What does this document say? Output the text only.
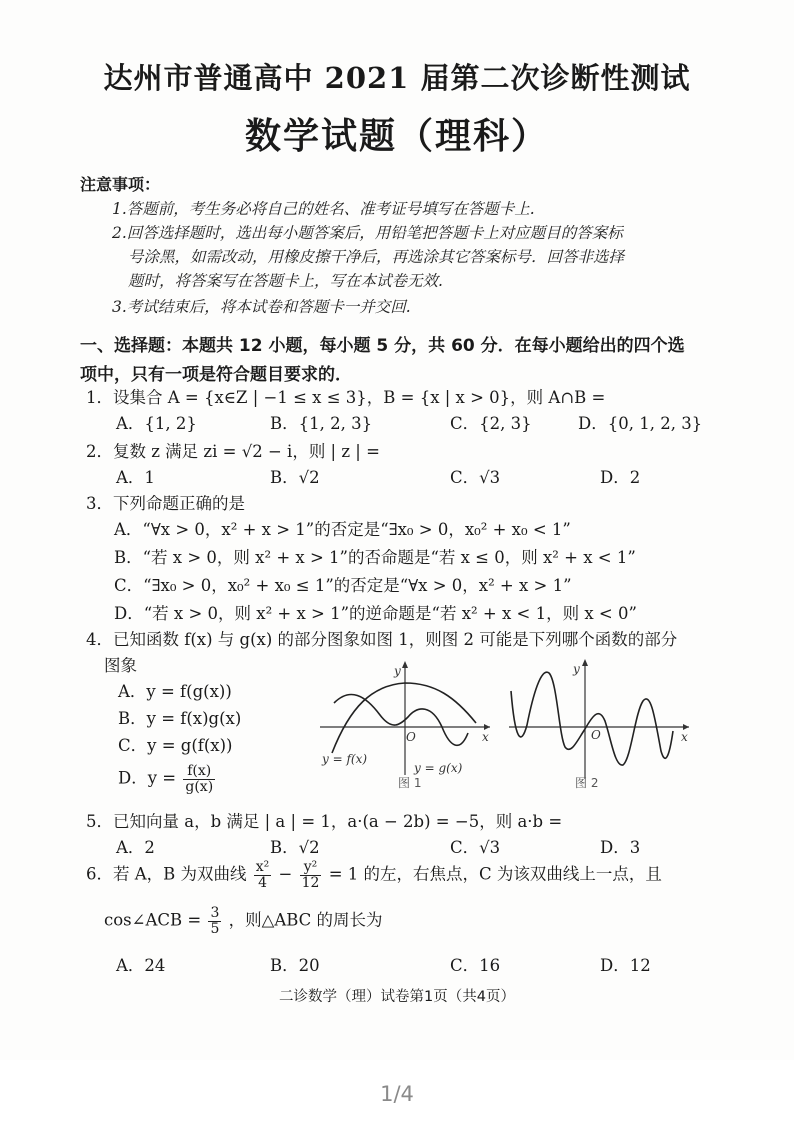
达州市普通高中 2021 届第二次诊断性测试
数学试题（理科）
注意事项：
1.答题前，考生务必将自己的姓名、准考证号填写在答题卡上.
2.回答选择题时，选出每小题答案后，用铅笔把答题卡上对应题目的答案标
号涂黑，如需改动，用橡皮擦干净后，再选涂其它答案标号．回答非选择
题时，将答案写在答题卡上，写在本试卷无效.
3.考试结束后，将本试卷和答题卡一并交回.
一、选择题：本题共 12 小题，每小题 5 分，共 60 分．在每小题给出的四个选项中，只有一项是符合题目要求的．
1．设集合 A = {x∈Z | −1 ≤ x ≤ 3}，B = {x | x > 0}，则 A∩B =
A．{1, 2}	B．{1, 2, 3}	C．{2, 3}	D．{0, 1, 2, 3}
2．复数 z 满足 zi = √2 − i，则 | z | =
A．1	B．√2	C．√3	D．2
3．下列命题正确的是
A．“∀x > 0，x² + x > 1”的否定是“∃x₀ > 0，x₀² + x₀ < 1”
B．“若 x > 0，则 x² + x > 1”的否命题是“若 x ≤ 0，则 x² + x < 1”
C．“∃x₀ > 0，x₀² + x₀ ≤ 1”的否定是“∀x > 0，x² + x > 1”
D．“若 x > 0，则 x² + x > 1”的逆命题是“若 x² + x < 1，则 x < 0”
4．已知函数 f(x) 与 g(x) 的部分图象如图 1，则图 2 可能是下列哪个函数的部分
图象
A．y = f(g(x))
B．y = f(x)g(x)
C．y = g(f(x))
D．$y = \frac{f(x)}{g(x)}$
y
x
O
y = f(x)
y = g(x)
图 1
y
x
O
图 2
5．已知向量 a，b 满足 | a | = 1，a·(a − 2b) = −5，则 a·b =
A．2	B．√2	C．√3	D．3
6．若 A，B 为双曲线 $\frac{\text{x²}}{4} - \frac{\text{y²}}{12} = 1$ 的左，右焦点，C 为该双曲线上一点，且
cos∠ACB = $\frac{3}{5}$ ，则△ABC 的周长为
A．24	B．20	C．16	D．12
二诊数学（理）试卷第1页（共4页）
1/4
